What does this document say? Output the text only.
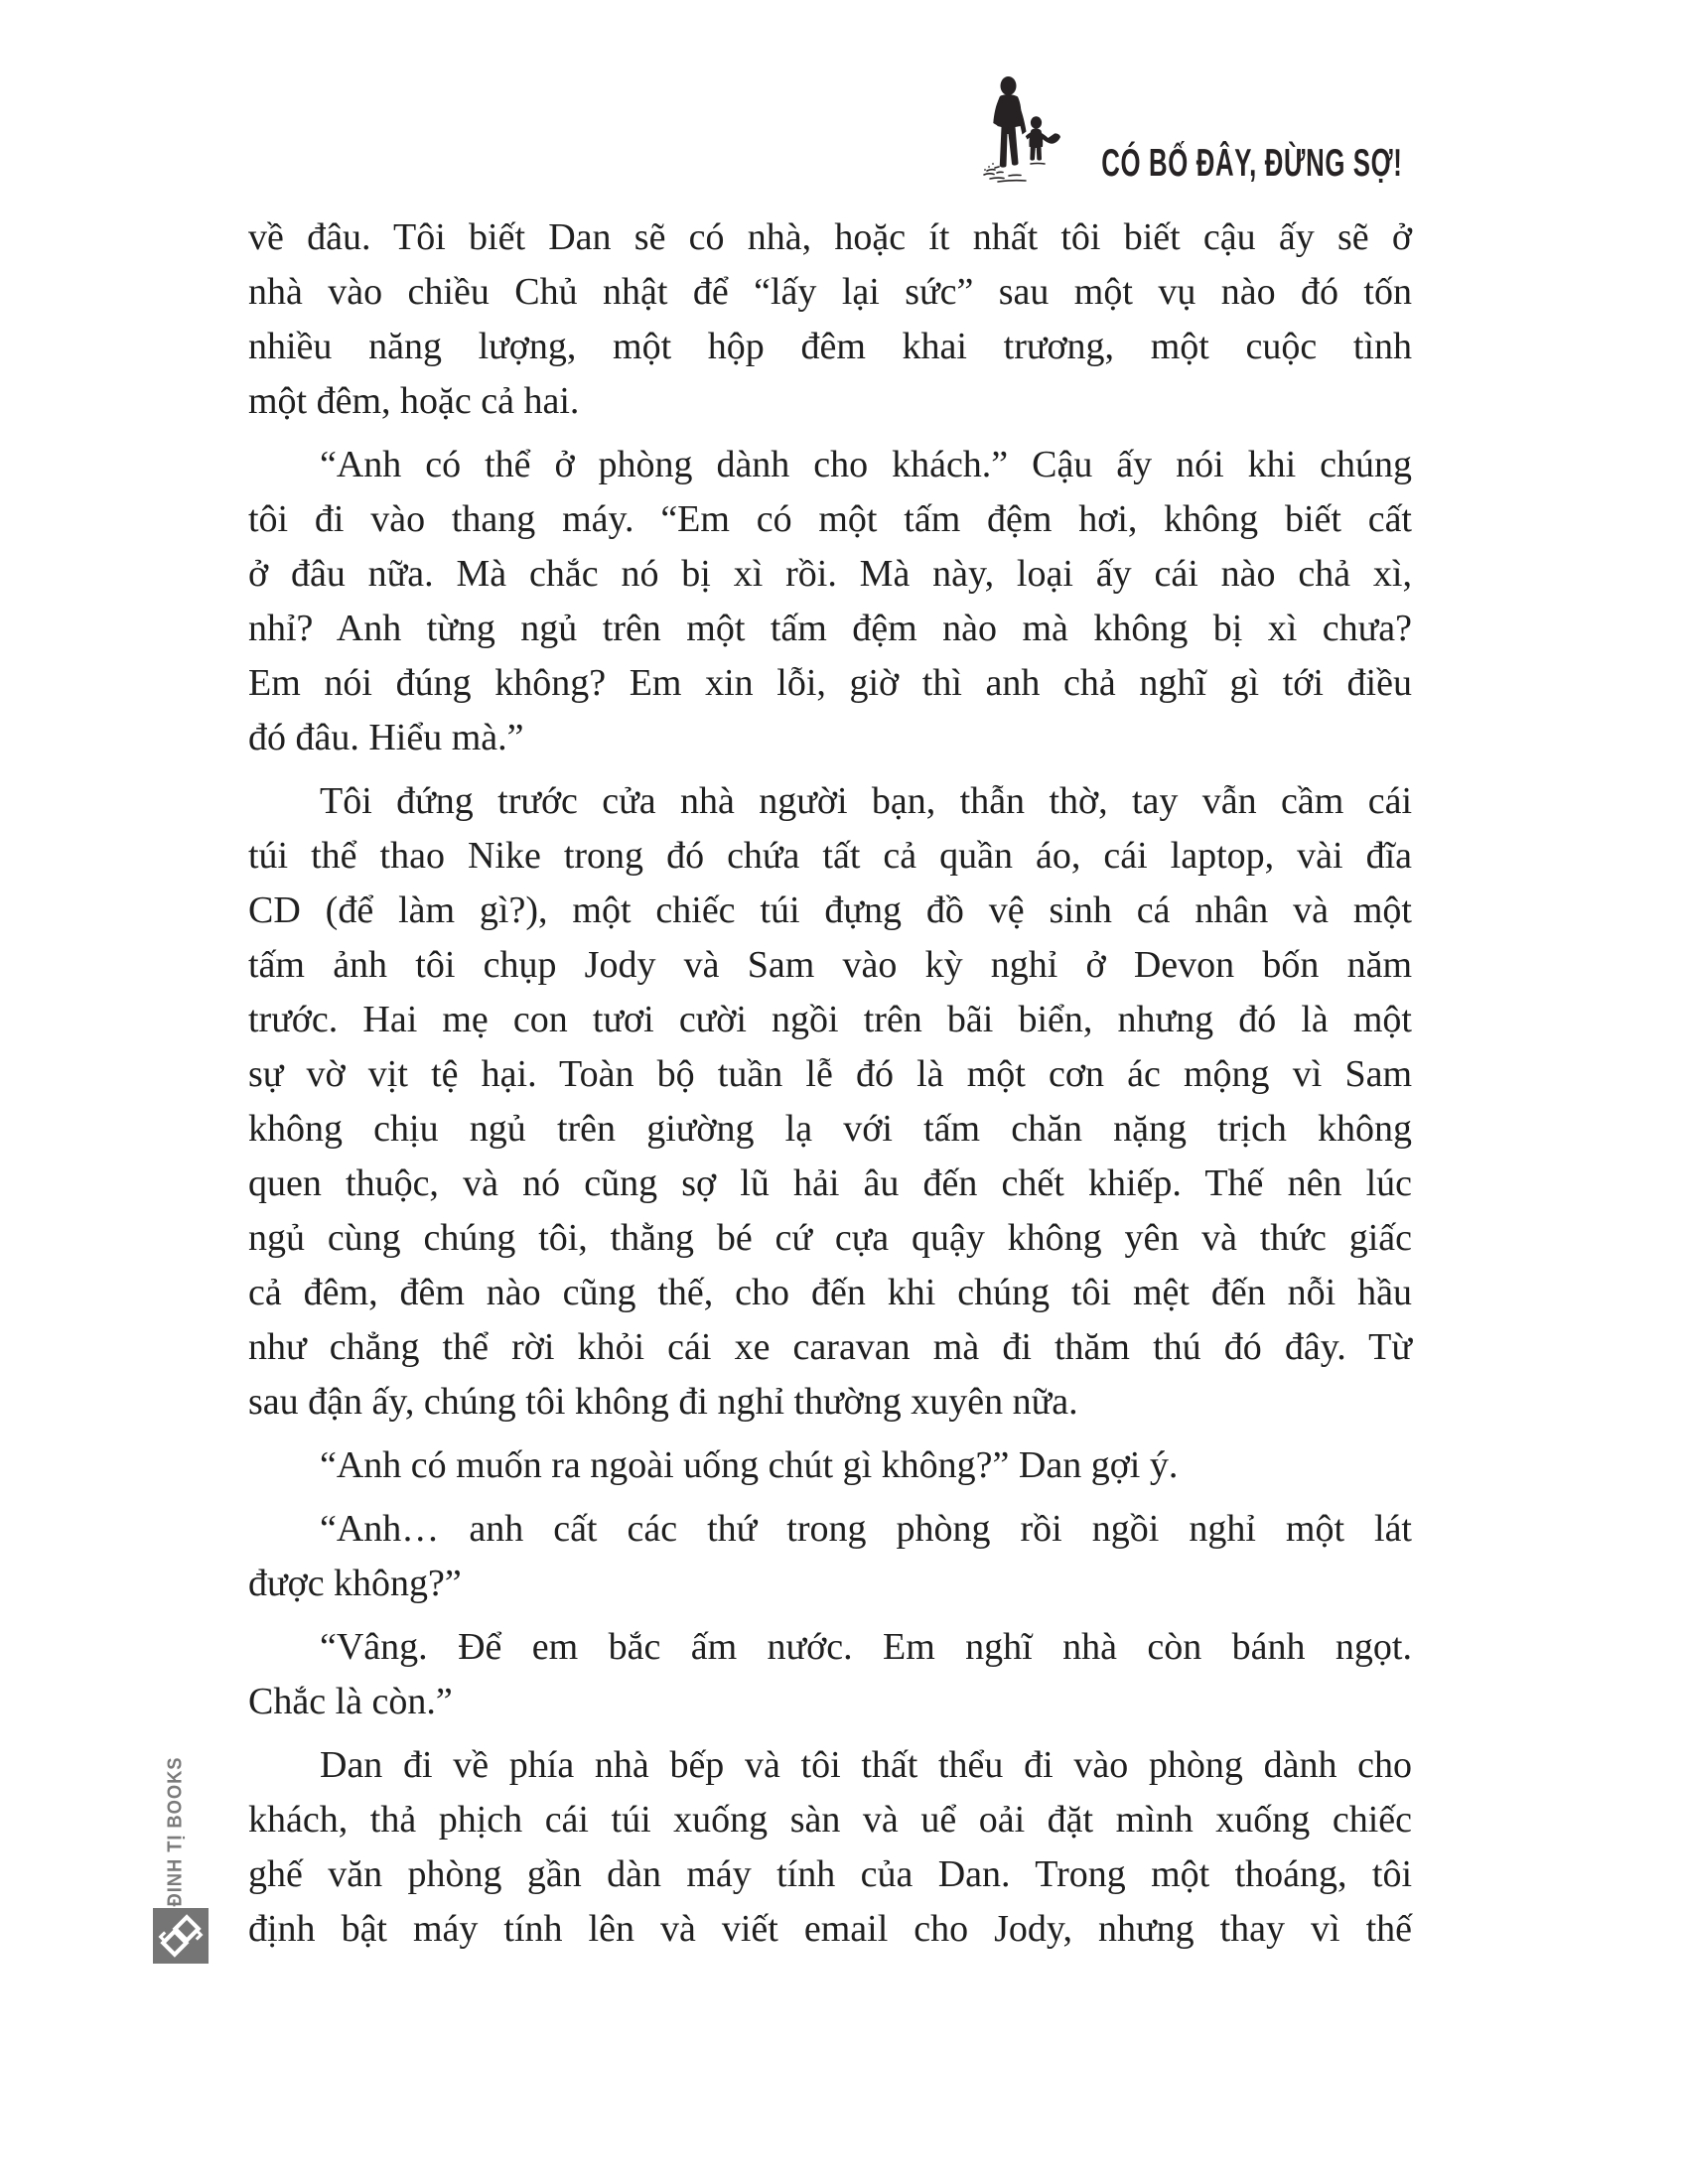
CÓ BỐ ĐÂY, ĐỪNG SỢ!
về đâu. Tôi biết Dan sẽ có nhà, hoặc ít nhất tôi biết cậu ấy sẽ ở
nhà vào chiều Chủ nhật để “lấy lại sức” sau một vụ nào đó tốn
nhiều năng lượng, một hộp đêm khai trương, một cuộc tình
một đêm, hoặc cả hai.
“Anh có thể ở phòng dành cho khách.” Cậu ấy nói khi chúng
tôi đi vào thang máy. “Em có một tấm đệm hơi, không biết cất
ở đâu nữa. Mà chắc nó bị xì rồi. Mà này, loại ấy cái nào chả xì,
nhỉ? Anh từng ngủ trên một tấm đệm nào mà không bị xì chưa?
Em nói đúng không? Em xin lỗi, giờ thì anh chả nghĩ gì tới điều
đó đâu. Hiểu mà.”
Tôi đứng trước cửa nhà người bạn, thẫn thờ, tay vẫn cầm cái
túi thể thao Nike trong đó chứa tất cả quần áo, cái laptop, vài đĩa
CD (để làm gì?), một chiếc túi đựng đồ vệ sinh cá nhân và một
tấm ảnh tôi chụp Jody và Sam vào kỳ nghỉ ở Devon bốn năm
trước. Hai mẹ con tươi cười ngồi trên bãi biển, nhưng đó là một
sự vờ vịt tệ hại. Toàn bộ tuần lễ đó là một cơn ác mộng vì Sam
không chịu ngủ trên giường lạ với tấm chăn nặng trịch không
quen thuộc, và nó cũng sợ lũ hải âu đến chết khiếp. Thế nên lúc
ngủ cùng chúng tôi, thằng bé cứ cựa quậy không yên và thức giấc
cả đêm, đêm nào cũng thế, cho đến khi chúng tôi mệt đến nỗi hầu
như chẳng thể rời khỏi cái xe caravan mà đi thăm thú đó đây. Từ
sau đận ấy, chúng tôi không đi nghỉ thường xuyên nữa.
“Anh có muốn ra ngoài uống chút gì không?” Dan gợi ý.
“Anh… anh cất các thứ trong phòng rồi ngồi nghỉ một lát
được không?”
“Vâng. Để em bắc ấm nước. Em nghĩ nhà còn bánh ngọt.
Chắc là còn.”
Dan đi về phía nhà bếp và tôi thất thểu đi vào phòng dành cho
khách, thả phịch cái túi xuống sàn và uể oải đặt mình xuống chiếc
ghế văn phòng gần dàn máy tính của Dan. Trong một thoáng, tôi
định bật máy tính lên và viết email cho Jody, nhưng thay vì thế
ĐINH TỊ BOOKS
